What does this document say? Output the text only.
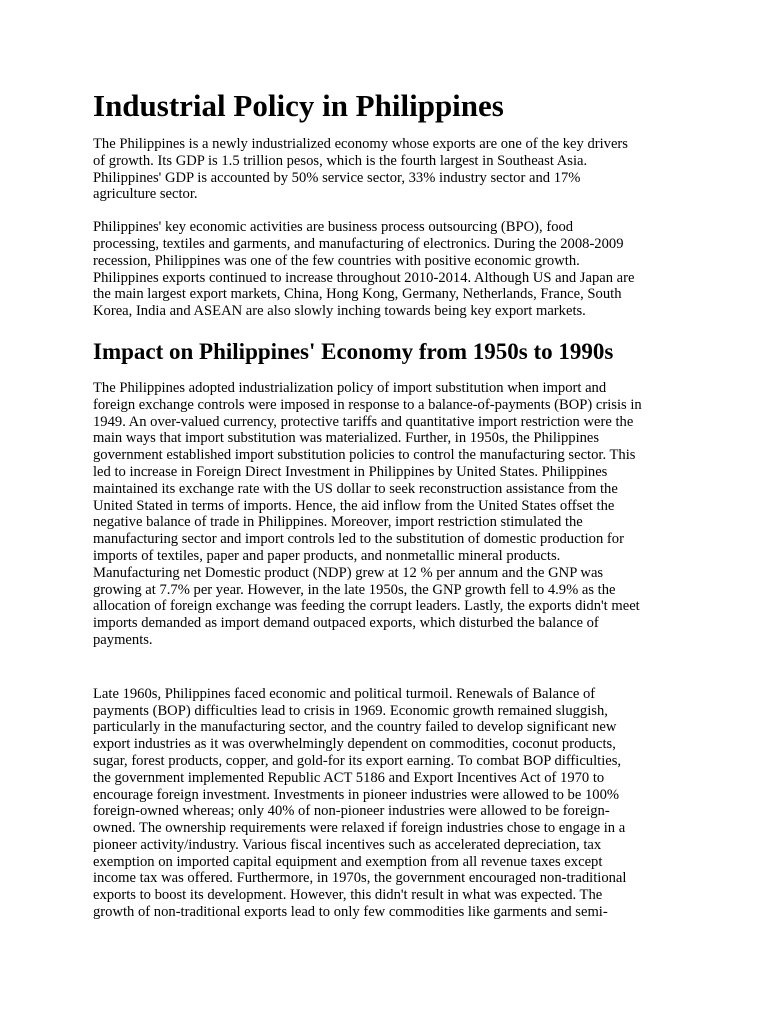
Industrial Policy in Philippines

The Philippines is a newly industrialized economy whose exports are one of the key drivers
of growth. Its GDP is 1.5 trillion pesos, which is the fourth largest in Southeast Asia.
Philippines' GDP is accounted by 50% service sector, 33% industry sector and 17%
agriculture sector.

Philippines' key economic activities are business process outsourcing (BPO), food
processing, textiles and garments, and manufacturing of electronics. During the 2008-2009
recession, Philippines was one of the few countries with positive economic growth.
Philippines exports continued to increase throughout 2010-2014. Although US and Japan are
the main largest export markets, China, Hong Kong, Germany, Netherlands, France, South
Korea, India and ASEAN are also slowly inching towards being key export markets.

Impact on Philippines' Economy from 1950s to 1990s

The Philippines adopted industrialization policy of import substitution when import and
foreign exchange controls were imposed in response to a balance-of-payments (BOP) crisis in
1949. An over-valued currency, protective tariffs and quantitative import restriction were the
main ways that import substitution was materialized. Further, in 1950s, the Philippines
government established import substitution policies to control the manufacturing sector. This
led to increase in Foreign Direct Investment in Philippines by United States. Philippines
maintained its exchange rate with the US dollar to seek reconstruction assistance from the
United Stated in terms of imports. Hence, the aid inflow from the United States offset the
negative balance of trade in Philippines. Moreover, import restriction stimulated the
manufacturing sector and import controls led to the substitution of domestic production for
imports of textiles, paper and paper products, and nonmetallic mineral products.
Manufacturing net Domestic product (NDP) grew at 12 % per annum and the GNP was
growing at 7.7% per year. However, in the late 1950s, the GNP growth fell to 4.9% as the
allocation of foreign exchange was feeding the corrupt leaders. Lastly, the exports didn't meet
imports demanded as import demand outpaced exports, which disturbed the balance of
payments.

Late 1960s, Philippines faced economic and political turmoil. Renewals of Balance of
payments (BOP) difficulties lead to crisis in 1969. Economic growth remained sluggish,
particularly in the manufacturing sector, and the country failed to develop significant new
export industries as it was overwhelmingly dependent on commodities, coconut products,
sugar, forest products, copper, and gold-for its export earning. To combat BOP difficulties,
the government implemented Republic ACT 5186 and Export Incentives Act of 1970 to
encourage foreign investment. Investments in pioneer industries were allowed to be 100%
foreign-owned whereas; only 40% of non-pioneer industries were allowed to be foreign-
owned. The ownership requirements were relaxed if foreign industries chose to engage in a
pioneer activity/industry. Various fiscal incentives such as accelerated depreciation, tax
exemption on imported capital equipment and exemption from all revenue taxes except
income tax was offered. Furthermore, in 1970s, the government encouraged non-traditional
exports to boost its development. However, this didn't result in what was expected. The
growth of non-traditional exports lead to only few commodities like garments and semi-
